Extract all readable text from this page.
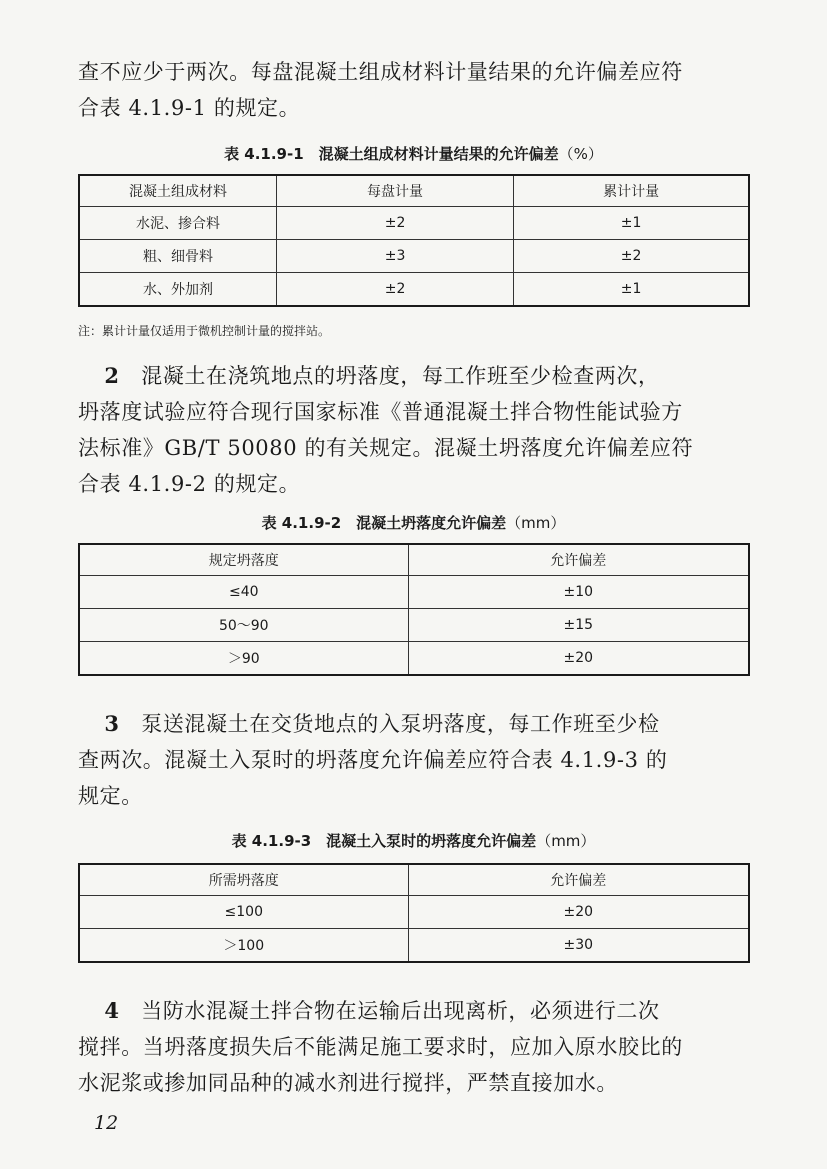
查不应少于两次。每盘混凝土组成材料计量结果的允许偏差应符
合表 4.1.9-1 的规定。

表 4.1.9-1　混凝土组成材料计量结果的允许偏差（%）

混凝土组成材料	每盘计量	累计计量
水泥、掺合料	±2	±1
粗、细骨料	±3	±2
水、外加剂	±2	±1

注：累计计量仅适用于微机控制计量的搅拌站。

　 2  混凝土在浇筑地点的坍落度，每工作班至少检查两次，
坍落度试验应符合现行国家标准《普通混凝土拌合物性能试验方
法标准》GB/T 50080 的有关规定。混凝土坍落度允许偏差应符
合表 4.1.9-2 的规定。

表 4.1.9-2　混凝土坍落度允许偏差（mm）

规定坍落度	允许偏差
≤40	±10
50～90	±15
＞90	±20

　 3  泵送混凝土在交货地点的入泵坍落度，每工作班至少检
查两次。混凝土入泵时的坍落度允许偏差应符合表 4.1.9-3 的
规定。

表 4.1.9-3　混凝土入泵时的坍落度允许偏差（mm）

所需坍落度	允许偏差
≤100	±20
＞100	±30

　 4  当防水混凝土拌合物在运输后出现离析，必须进行二次
搅拌。当坍落度损失后不能满足施工要求时，应加入原水胶比的
水泥浆或掺加同品种的减水剂进行搅拌，严禁直接加水。

12
